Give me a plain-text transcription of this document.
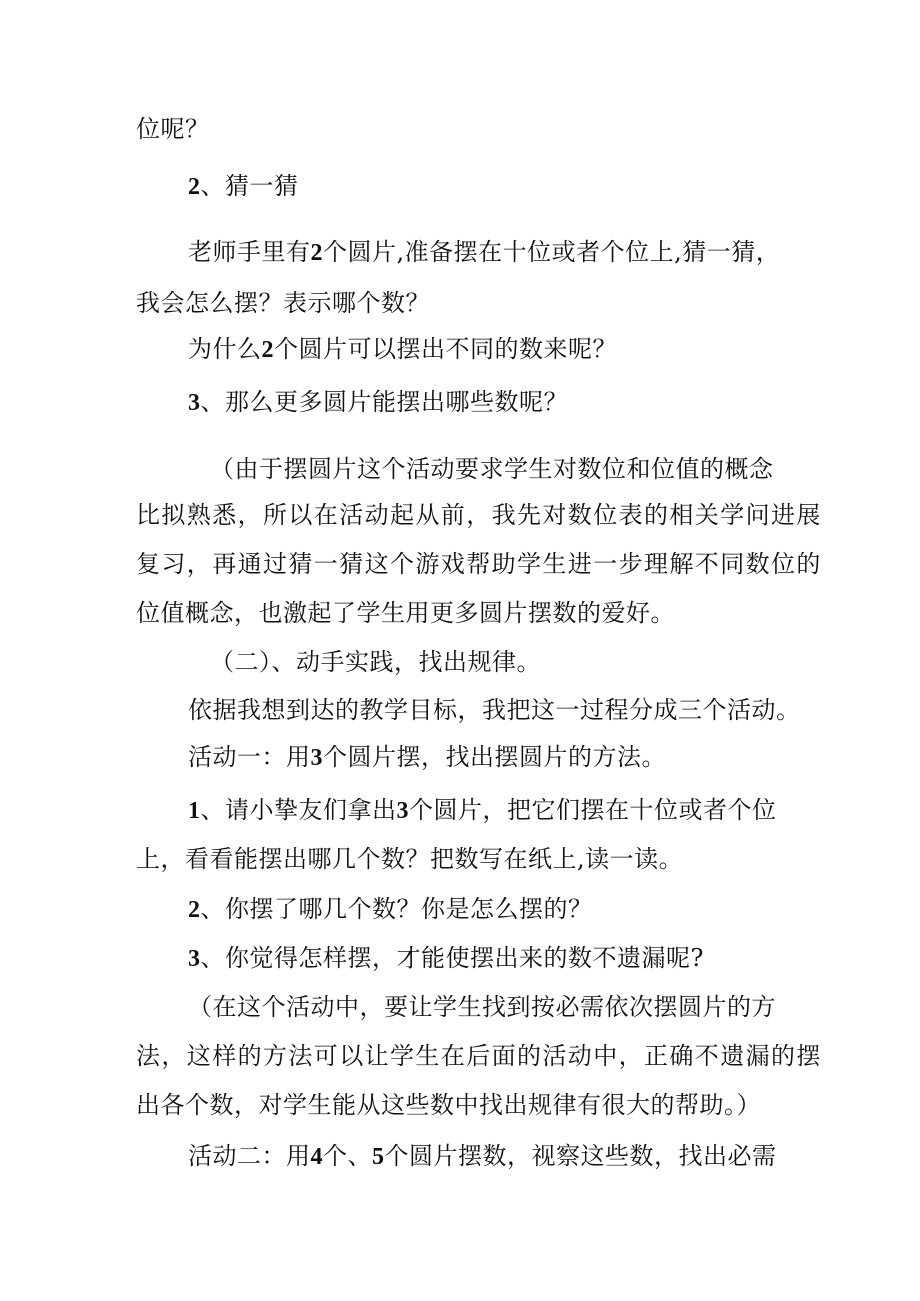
位呢？
2、猜一猜
老师手里有2个圆片,准备摆在十位或者个位上,猜一猜，
我会怎么摆？表示哪个数？
为什么2个圆片可以摆出不同的数来呢？
3、那么更多圆片能摆出哪些数呢？
（由于摆圆片这个活动要求学生对数位和位值的概念
比拟熟悉，所以在活动起从前，我先对数位表的相关学问进展
复习，再通过猜一猜这个游戏帮助学生进一步理解不同数位的
位值概念，也激起了学生用更多圆片摆数的爱好。
（二）、动手实践，找出规律。
依据我想到达的教学目标，我把这一过程分成三个活动。
活动一：用3个圆片摆，找出摆圆片的方法。
1、请小挚友们拿出3个圆片，把它们摆在十位或者个位
上，看看能摆出哪几个数？把数写在纸上,读一读。
2、你摆了哪几个数？你是怎么摆的？
3、你觉得怎样摆，才能使摆出来的数不遗漏呢?
（在这个活动中，要让学生找到按必需依次摆圆片的方
法，这样的方法可以让学生在后面的活动中，正确不遗漏的摆
出各个数，对学生能从这些数中找出规律有很大的帮助。）
活动二：用4个、5个圆片摆数，视察这些数，找出必需
